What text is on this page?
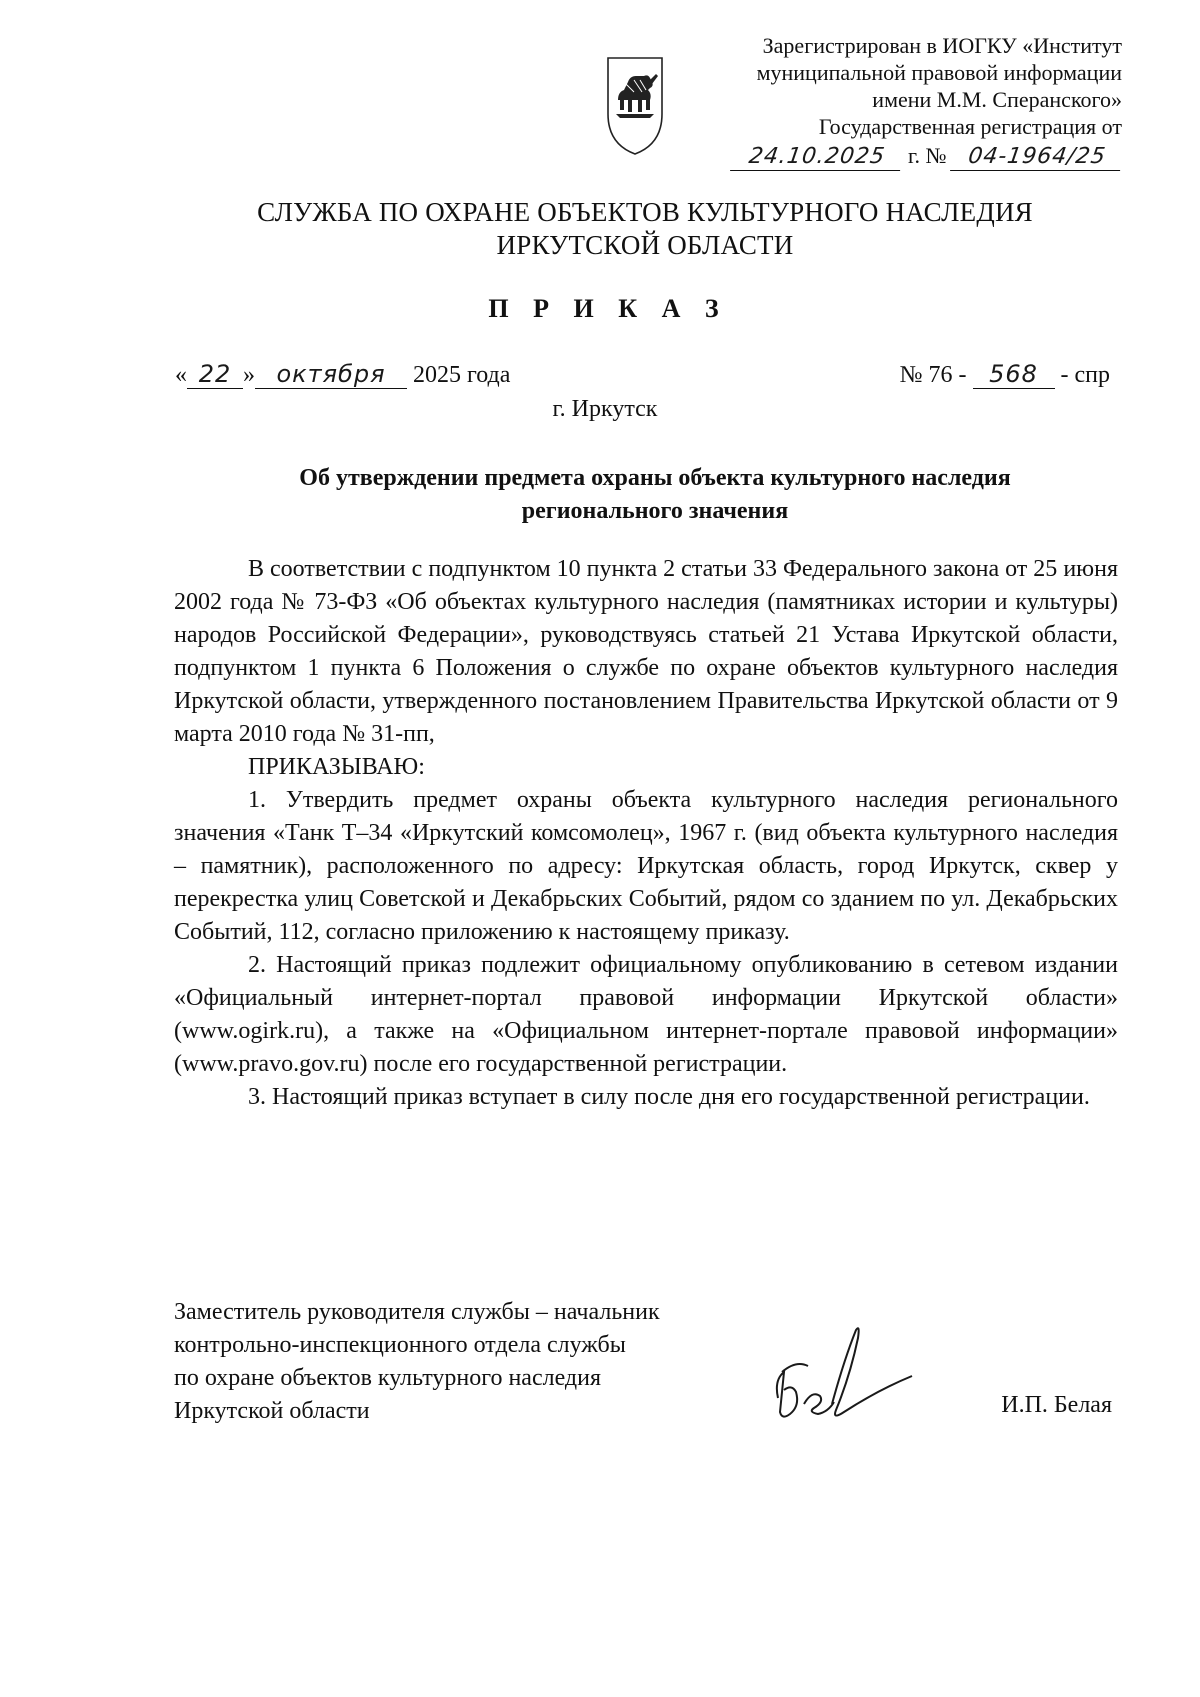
Зарегистрирован в ИОГКУ «Институт
муниципальной правовой информации
имени М.М. Сперанского»
Государственная регистрация от
24.10.2025 г. № 04-1964/25
СЛУЖБА ПО ОХРАНЕ ОБЪЕКТОВ КУЛЬТУРНОГО НАСЛЕДИЯ
ИРКУТСКОЙ ОБЛАСТИ
П Р И К А З
« 22 » октября 2025 года	№ 76 - 568 - спр
г. Иркутск
Об утверждении предмета охраны объекта культурного наследия
регионального значения

В соответствии с подпунктом 10 пункта 2 статьи 33 Федерального закона от 25 июня 2002 года № 73-ФЗ «Об объектах культурного наследия (памятниках истории и культуры) народов Российской Федерации», руководствуясь статьей 21 Устава Иркутской области, подпунктом 1 пункта 6 Положения о службе по охране объектов культурного наследия Иркутской области, утвержденного постановлением Правительства Иркутской области от 9 марта 2010 года № 31-пп,

ПРИКАЗЫВАЮ:

1. Утвердить предмет охраны объекта культурного наследия регионального значения «Танк Т–34 «Иркутский комсомолец», 1967 г. (вид объекта культурного наследия – памятник), расположенного по адресу: Иркутская область, город Иркутск, сквер у перекрестка улиц Советской и Декабрьских Событий, рядом со зданием по ул. Декабрьских Событий, 112, согласно приложению к настоящему приказу.

2. Настоящий приказ подлежит официальному опубликованию в сетевом издании «Официальный интернет-портал правовой информации Иркутской области» (www.ogirk.ru), а также на «Официальном интернет-портале правовой информации» (www.pravo.gov.ru) после его государственной регистрации.

3. Настоящий приказ вступает в силу после дня его государственной регистрации.

Заместитель руководителя службы – начальник
контрольно-инспекционного отдела службы
по охране объектов культурного наследия
Иркутской области	И.П. Белая
